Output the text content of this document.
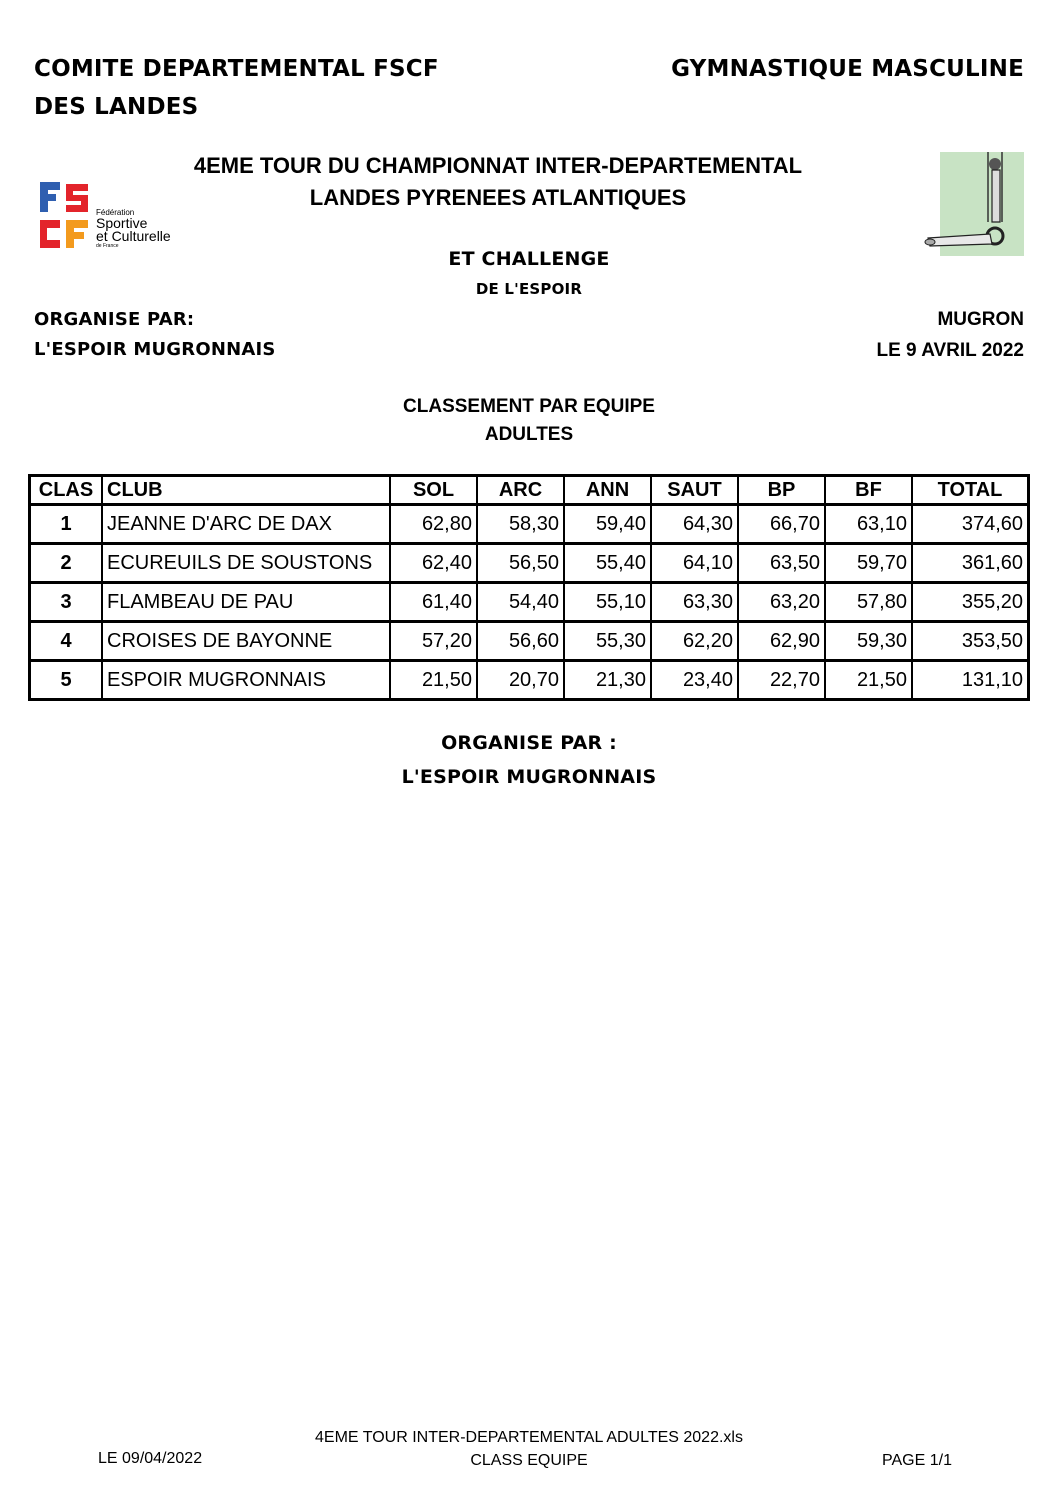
COMITE DEPARTEMENTAL FSCF
DES LANDES
GYMNASTIQUE MASCULINE
4EME TOUR DU CHAMPIONNAT INTER-DEPARTEMENTAL
LANDES PYRENEES ATLANTIQUES
Fédération
Sportive
et Culturelle
de France
ET CHALLENGE
DE L'ESPOIR
ORGANISE PAR:
L'ESPOIR MUGRONNAIS
MUGRON
LE 9 AVRIL 2022
CLASSEMENT PAR EQUIPE
ADULTES
CLAS	CLUB	SOL	ARC	ANN	SAUT	BP	BF	TOTAL
1	JEANNE D'ARC DE DAX	62,80	58,30	59,40	64,30	66,70	63,10	374,60
2	ECUREUILS DE SOUSTONS	62,40	56,50	55,40	64,10	63,50	59,70	361,60
3	FLAMBEAU DE PAU	61,40	54,40	55,10	63,30	63,20	57,80	355,20
4	CROISES DE BAYONNE	57,20	56,60	55,30	62,20	62,90	59,30	353,50
5	ESPOIR MUGRONNAIS	21,50	20,70	21,30	23,40	22,70	21,50	131,10
ORGANISE PAR :
L'ESPOIR MUGRONNAIS
4EME TOUR INTER-DEPARTEMENTAL ADULTES 2022.xls
CLASS EQUIPE
LE 09/04/2022	PAGE 1/1
